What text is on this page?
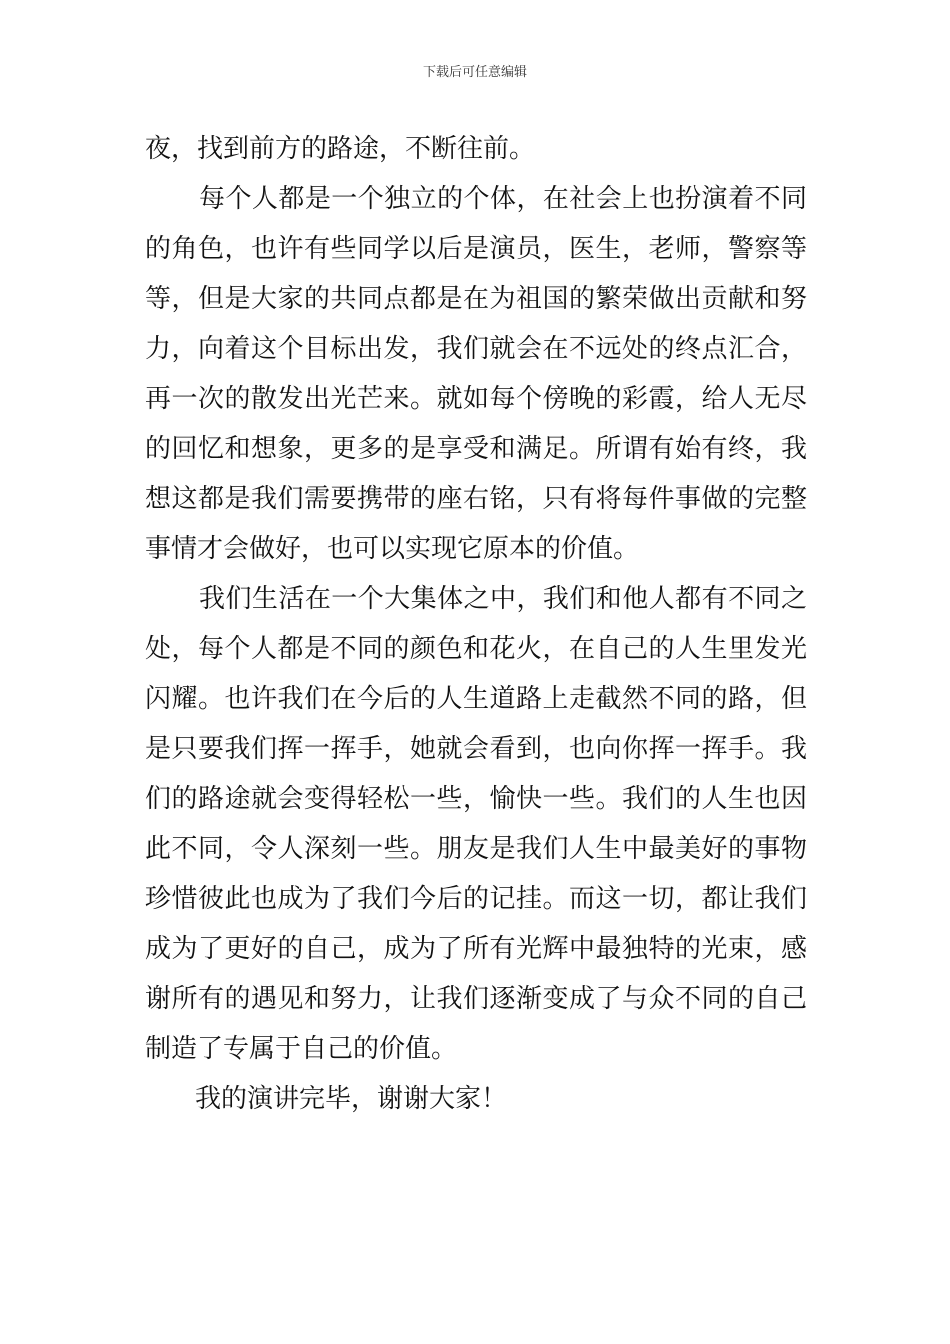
下载后可任意编辑

夜，找到前方的路途，不断往前。

每个人都是一个独立的个体，在社会上也扮演着不同的角色，也许有些同学以后是演员，医生，老师，警察等等，但是大家的共同点都是在为祖国的繁荣做出贡献和努力，向着这个目标出发，我们就会在不远处的终点汇合，再一次的散发出光芒来。就如每个傍晚的彩霞，给人无尽的回忆和想象，更多的是享受和满足。所谓有始有终，我想这都是我们需要携带的座右铭，只有将每件事做的完整事情才会做好，也可以实现它原本的价值。

我们生活在一个大集体之中，我们和他人都有不同之处，每个人都是不同的颜色和花火，在自己的人生里发光闪耀。也许我们在今后的人生道路上走截然不同的路，但是只要我们挥一挥手，她就会看到，也向你挥一挥手。我们的路途就会变得轻松一些，愉快一些。我们的人生也因此不同，令人深刻一些。朋友是我们人生中最美好的事物珍惜彼此也成为了我们今后的记挂。而这一切，都让我们成为了更好的自己，成为了所有光辉中最独特的光束，感谢所有的遇见和努力，让我们逐渐变成了与众不同的自己制造了专属于自己的价值。

我的演讲完毕，谢谢大家！
